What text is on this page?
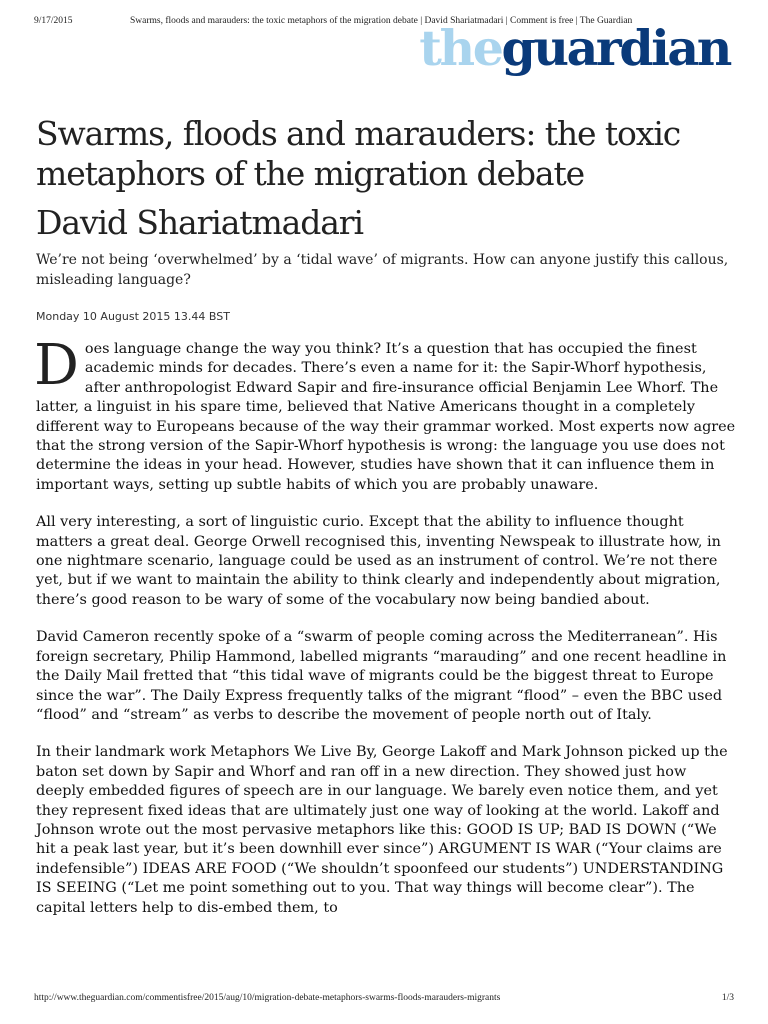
9/17/2015	Swarms, floods and marauders: the toxic metaphors of the migration debate | David Shariatmadari | Comment is free | The Guardian
theguardian
Swarms, floods and marauders: the toxic metaphors of the migration debate
David Shariatmadari

We’re not being ‘overwhelmed’ by a ‘tidal wave’ of migrants. How can anyone justify this callous, misleading language?

Monday 10 August 2015 13.44 BST

Does language change the way you think? It’s a question that has occupied the finest academic minds for decades. There’s even a name for it: the Sapir-Whorf hypothesis, after anthropologist Edward Sapir and fire-insurance official Benjamin Lee Whorf. The latter, a linguist in his spare time, believed that Native Americans thought in a completely different way to Europeans because of the way their grammar worked. Most experts now agree that the strong version of the Sapir-Whorf hypothesis is wrong: the language you use does not determine the ideas in your head. However, studies have shown that it can influence them in important ways, setting up subtle habits of which you are probably unaware.

All very interesting, a sort of linguistic curio. Except that the ability to influence thought matters a great deal. George Orwell recognised this, inventing Newspeak to illustrate how, in one nightmare scenario, language could be used as an instrument of control. We’re not there yet, but if we want to maintain the ability to think clearly and independently about migration, there’s good reason to be wary of some of the vocabulary now being bandied about.

David Cameron recently spoke of a “swarm of people coming across the Mediterranean”. His foreign secretary, Philip Hammond, labelled migrants “marauding” and one recent headline in the Daily Mail fretted that “this tidal wave of migrants could be the biggest threat to Europe since the war”. The Daily Express frequently talks of the migrant “flood” – even the BBC used “flood” and “stream” as verbs to describe the movement of people north out of Italy.

In their landmark work Metaphors We Live By, George Lakoff and Mark Johnson picked up the baton set down by Sapir and Whorf and ran off in a new direction. They showed just how deeply embedded figures of speech are in our language. We barely even notice them, and yet they represent fixed ideas that are ultimately just one way of looking at the world. Lakoff and Johnson wrote out the most pervasive metaphors like this: GOOD IS UP; BAD IS DOWN (“We hit a peak last year, but it’s been downhill ever since”) ARGUMENT IS WAR (“Your claims are indefensible”) IDEAS ARE FOOD (“We shouldn’t spoonfeed our students”) UNDERSTANDING IS SEEING (“Let me point something out to you. That way things will become clear”). The capital letters help to dis-embed them, to

http://www.theguardian.com/commentisfree/2015/aug/10/migration-debate-metaphors-swarms-floods-marauders-migrants	1/3
